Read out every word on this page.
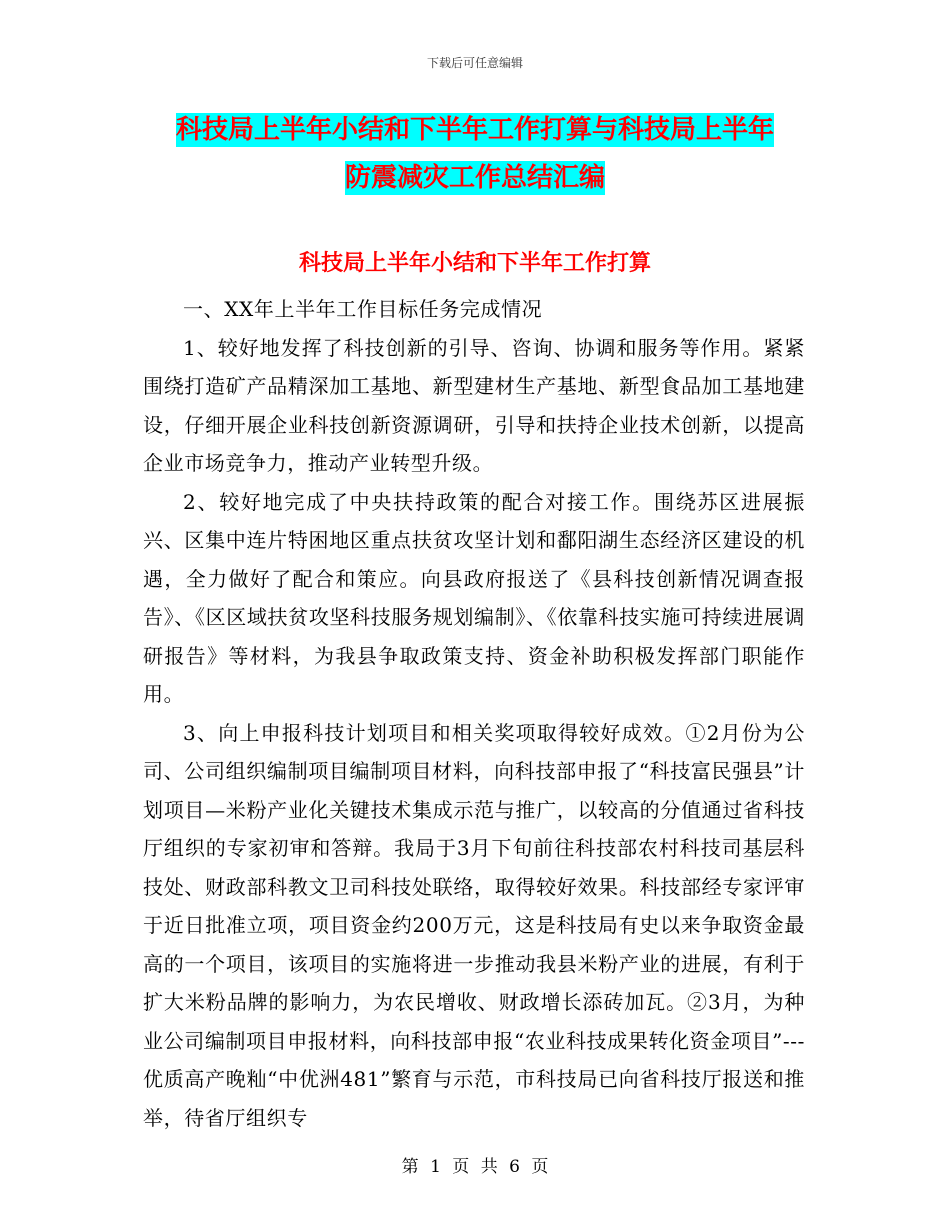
下载后可任意编辑
科技局上半年小结和下半年工作打算与科技局上半年
防震减灾工作总结汇编
科技局上半年小结和下半年工作打算

一、XX年上半年工作目标任务完成情况

1、较好地发挥了科技创新的引导、咨询、协调和服务等作用。紧紧围绕打造矿产品精深加工基地、新型建材生产基地、新型食品加工基地建设，仔细开展企业科技创新资源调研，引导和扶持企业技术创新，以提高企业市场竞争力，推动产业转型升级。

2、较好地完成了中央扶持政策的配合对接工作。围绕苏区进展振兴、区集中连片特困地区重点扶贫攻坚计划和鄱阳湖生态经济区建设的机遇，全力做好了配合和策应。向县政府报送了《县科技创新情况调查报告》、《区区域扶贫攻坚科技服务规划编制》、《依靠科技实施可持续进展调研报告》等材料，为我县争取政策支持、资金补助积极发挥部门职能作用。

3、向上申报科技计划项目和相关奖项取得较好成效。①2月份为公司、公司组织编制项目编制项目材料，向科技部申报了“科技富民强县”计划项目—米粉产业化关键技术集成示范与推广，以较高的分值通过省科技厅组织的专家初审和答辩。我局于3月下旬前往科技部农村科技司基层科技处、财政部科教文卫司科技处联络，取得较好效果。科技部经专家评审于近日批准立项，项目资金约200万元，这是科技局有史以来争取资金最高的一个项目，该项目的实施将进一步推动我县米粉产业的进展，有利于扩大米粉品牌的影响力，为农民增收、财政增长添砖加瓦。②3月，为种业公司编制项目申报材料，向科技部申报“农业科技成果转化资金项目”---优质高产晚籼“中优洲481”繁育与示范，市科技局已向省科技厅报送和推举，待省厅组织专

第 1 页 共 6 页
